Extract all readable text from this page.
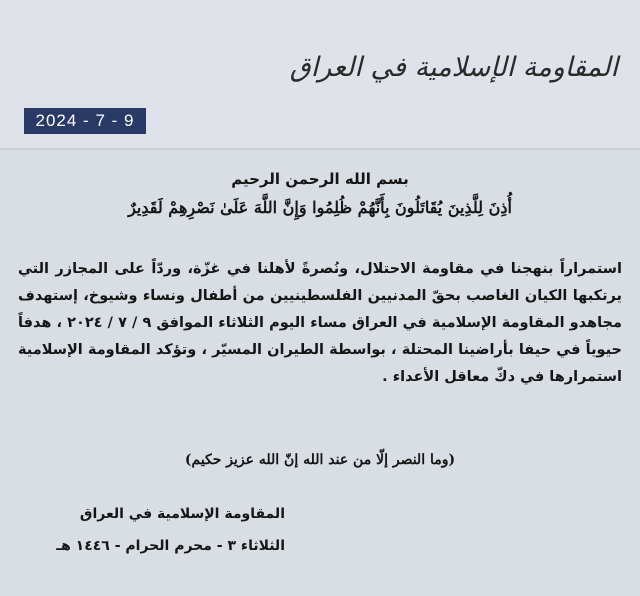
المقاومة الإسلامية في العراق
2024 - 7 - 9
بسم الله الرحمن الرحيم
أُذِنَ لِلَّذِينَ يُقَاتَلُونَ بِأَنَّهُمْ ظُلِمُوا وَإِنَّ اللَّهَ عَلَىٰ نَصْرِهِمْ لَقَدِيرٌ
استمراراً بنهجنا في مقاومة الاحتلال، ونُصرةً لأهلنا في غزّة، وردّاً على المجازر التي يرتكبها الكيان الغاصب بحقّ المدنيين الفلسطينيين من أطفال ونساء وشيوخ، إستهدف مجاهدو المقاومة الإسلامية في العراق مساء اليوم الثلاثاء الموافق ٩ / ٧ / ٢٠٢٤ ، هدفاً حيوياً في حيفا بأراضينا المحتلة ، بواسطة الطيران المسيّر ، وتؤكد المقاومة الإسلامية استمرارها في دكّ معاقل الأعداء .
(وما النصر إلّا من عند الله إنّ الله عزيز حكيم)
المقاومة الإسلامية في العراق
الثلاثاء ٣ - محرم الحرام - ١٤٤٦ هـ
